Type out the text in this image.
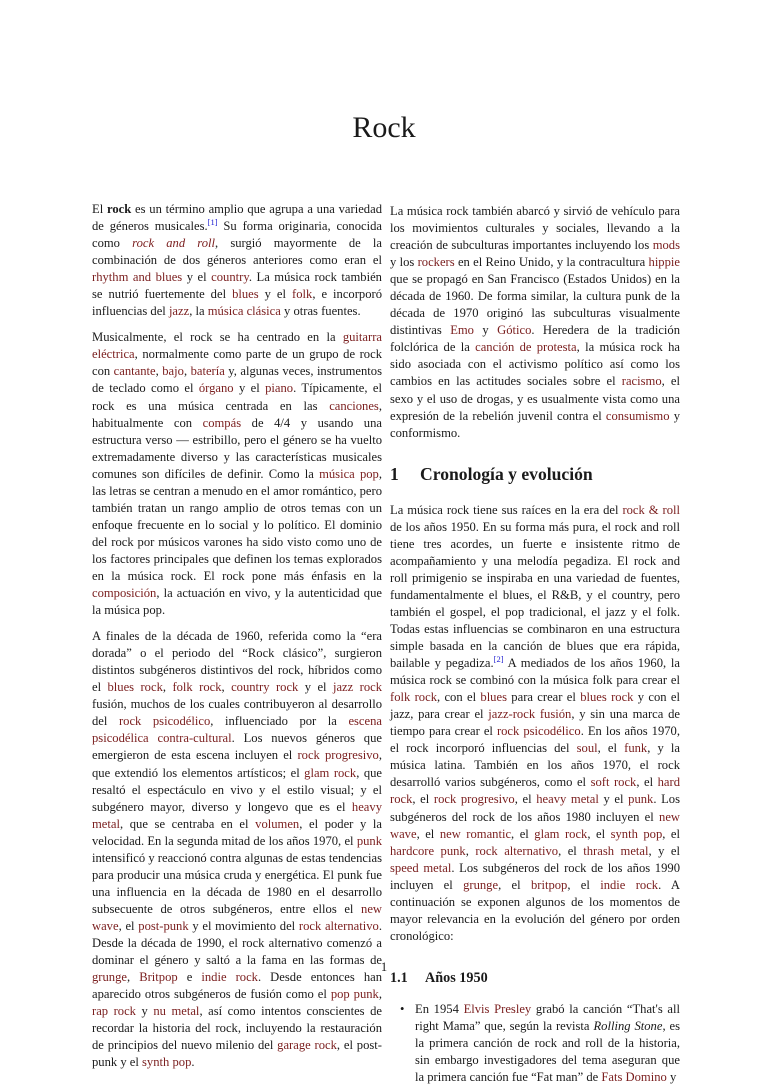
Rock

El rock es un término amplio que agrupa a una variedad de géneros musicales.[1] Su forma originaria, conocida como rock and roll, surgió mayormente de la combinación de dos géneros anteriores como eran el rhythm and blues y el country. La música rock también se nutrió fuertemente del blues y el folk, e incorporó influencias del jazz, la música clásica y otras fuentes.

Musicalmente, el rock se ha centrado en la guitarra eléctrica, normalmente como parte de un grupo de rock con cantante, bajo, batería y, algunas veces, instrumentos de teclado como el órgano y el piano. Típicamente, el rock es una música centrada en las canciones, habitualmente con compás de 4/4 y usando una estructura verso — estribillo, pero el género se ha vuelto extremadamente diverso y las características musicales comunes son difíciles de definir. Como la música pop, las letras se centran a menudo en el amor romántico, pero también tratan un rango amplio de otros temas con un enfoque frecuente en lo social y lo político. El dominio del rock por músicos varones ha sido visto como uno de los factores principales que definen los temas explorados en la música rock. El rock pone más énfasis en la composición, la actuación en vivo, y la autenticidad que la música pop.

A finales de la década de 1960, referida como la “era dorada” o el periodo del “Rock clásico”, surgieron distintos subgéneros distintivos del rock, híbridos como el blues rock, folk rock, country rock y el jazz rock fusión, muchos de los cuales contribuyeron al desarrollo del rock psicodélico, influenciado por la escena psicodélica contra-cultural. Los nuevos géneros que emergieron de esta escena incluyen el rock progresivo, que extendió los elementos artísticos; el glam rock, que resaltó el espectáculo en vivo y el estilo visual; y el subgénero mayor, diverso y longevo que es el heavy metal, que se centraba en el volumen, el poder y la velocidad. En la segunda mitad de los años 1970, el punk intensificó y reaccionó contra algunas de estas tendencias para producir una música cruda y energética. El punk fue una influencia en la década de 1980 en el desarrollo subsecuente de otros subgéneros, entre ellos el new wave, el post-punk y el movimiento del rock alternativo. Desde la década de 1990, el rock alternativo comenzó a dominar el género y saltó a la fama en las formas de grunge, Britpop e indie rock. Desde entonces han aparecido otros subgéneros de fusión como el pop punk, rap rock y nu metal, así como intentos conscientes de recordar la historia del rock, incluyendo la restauración de principios del nuevo milenio del garage rock, el post-punk y el synth pop.

La música rock también abarcó y sirvió de vehículo para los movimientos culturales y sociales, llevando a la creación de subculturas importantes incluyendo los mods y los rockers en el Reino Unido, y la contracultura hippie que se propagó en San Francisco (Estados Unidos) en la década de 1960. De forma similar, la cultura punk de la década de 1970 originó las subculturas visualmente distintivas Emo y Gótico. Heredera de la tradición folclórica de la canción de protesta, la música rock ha sido asociada con el activismo político así como los cambios en las actitudes sociales sobre el racismo, el sexo y el uso de drogas, y es usualmente vista como una expresión de la rebelión juvenil contra el consumismo y conformismo.

1	Cronología y evolución

La música rock tiene sus raíces en la era del rock & roll de los años 1950. En su forma más pura, el rock and roll tiene tres acordes, un fuerte e insistente ritmo de acompañamiento y una melodía pegadiza. El rock and roll primigenio se inspiraba en una variedad de fuentes, fundamentalmente el blues, el R&B, y el country, pero también el gospel, el pop tradicional, el jazz y el folk. Todas estas influencias se combinaron en una estructura simple basada en la canción de blues que era rápida, bailable y pegadiza.[2] A mediados de los años 1960, la música rock se combinó con la música folk para crear el folk rock, con el blues para crear el blues rock y con el jazz, para crear el jazz-rock fusión, y sin una marca de tiempo para crear el rock psicodélico. En los años 1970, el rock incorporó influencias del soul, el funk, y la música latina. También en los años 1970, el rock desarrolló varios subgéneros, como el soft rock, el hard rock, el rock progresivo, el heavy metal y el punk. Los subgéneros del rock de los años 1980 incluyen el new wave, el new romantic, el glam rock, el synth pop, el hardcore punk, rock alternativo, el thrash metal, y el speed metal. Los subgéneros del rock de los años 1990 incluyen el grunge, el britpop, el indie rock. A continuación se exponen algunos de los momentos de mayor relevancia en la evolución del género por orden cronológico:

1.1	Años 1950
• En 1954 Elvis Presley grabó la canción “That's all right Mama” que, según la revista Rolling Stone, es la primera canción de rock and roll de la historia, sin embargo investigadores del tema aseguran que la primera canción fue “Fat man” de Fats Domino y
1
